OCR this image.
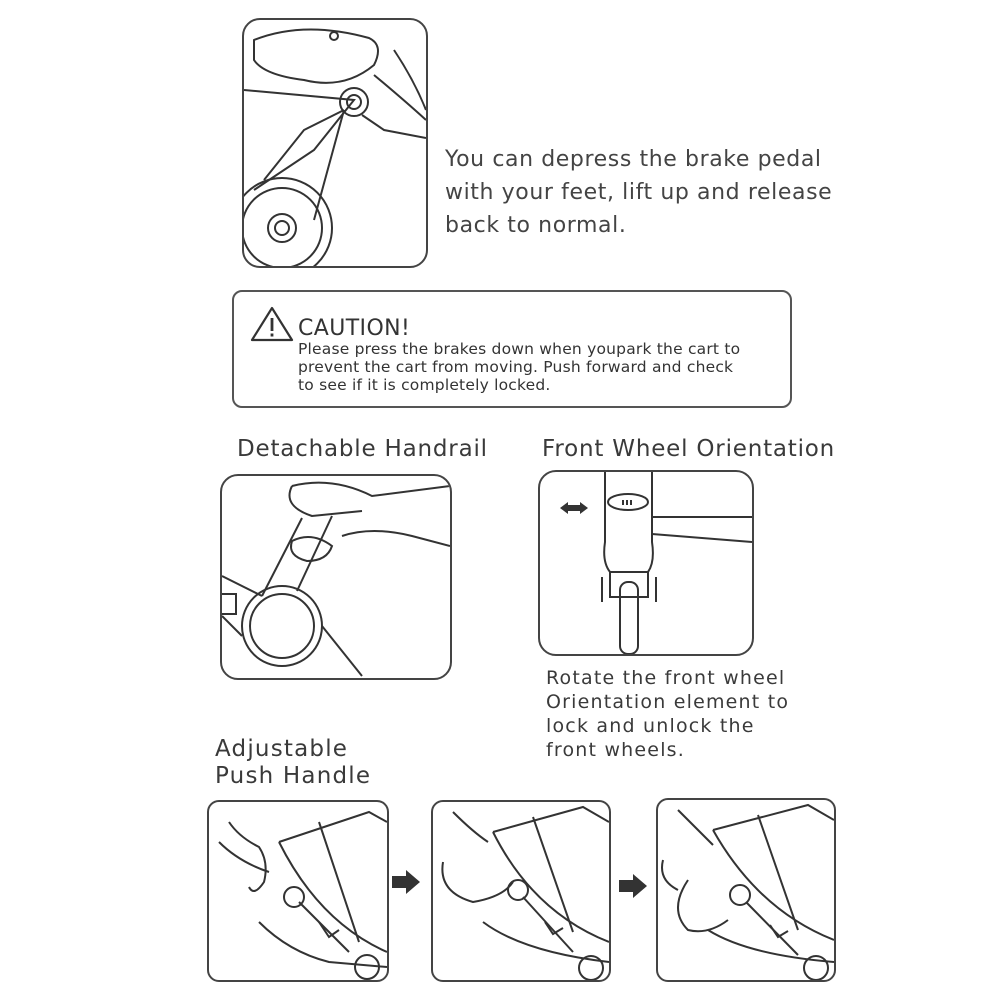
You can depress the brake pedal
with your feet, lift up and release
back to normal.
CAUTION!
Please press the brakes down when youpark the cart to
prevent the cart from moving. Push forward and check
to see if it is completely locked.
Detachable Handrail Front Wheel Orientation
Rotate the front wheel
Orientation element to
lock and unlock the
front wheels.
Adjustable
Push Handle
